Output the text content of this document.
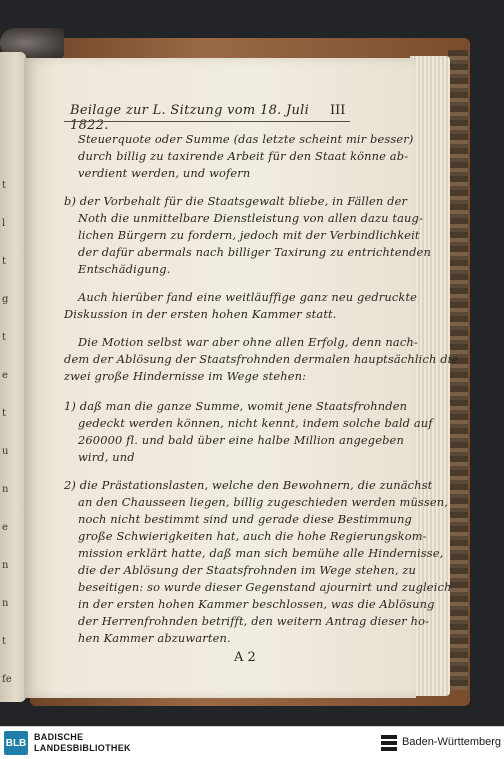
t
l
t
g
t
e
t
u
n
e
n
n
t
fe
Beilage zur L. Sitzung vom 18. Juli 1822.
III
Steuerquote oder Summe (das letzte scheint mir besser)
durch billig zu taxirende Arbeit für den Staat könne ab-
verdient werden, und wofern
b) der Vorbehalt für die Staatsgewalt bliebe, in Fällen der
Noth die unmittelbare Dienstleistung von allen dazu taug-
lichen Bürgern zu fordern, jedoch mit der Verbindlichkeit
der dafür abermals nach billiger Taxirung zu entrichtenden
Entschädigung.
Auch hierüber fand eine weitläuffige ganz neu gedruckte
Diskussion in der ersten hohen Kammer statt.
Die Motion selbst war aber ohne allen Erfolg, denn nach-
dem der Ablösung der Staatsfrohnden dermalen hauptsächlich die
zwei große Hindernisse im Wege stehen:
1) daß man die ganze Summe, womit jene Staatsfrohnden
gedeckt werden können, nicht kennt, indem solche bald auf
260000 fl. und bald über eine halbe Million angegeben
wird, und
2) die Prästationslasten, welche den Bewohnern, die zunächst
an den Chausseen liegen, billig zugeschieden werden müssen,
noch nicht bestimmt sind und gerade diese Bestimmung
große Schwierigkeiten hat, auch die hohe Regierungskom-
mission erklärt hatte, daß man sich bemühe alle Hindernisse,
die der Ablösung der Staatsfrohnden im Wege stehen, zu
beseitigen: so wurde dieser Gegenstand ajournirt und zugleich
in der ersten hohen Kammer beschlossen, was die Ablösung
der Herrenfrohnden betrifft, den weitern Antrag dieser ho-
hen Kammer abzuwarten.
A 2
BLB
BADISCHE
LANDESBIBLIOTHEK	Baden-Württemberg
